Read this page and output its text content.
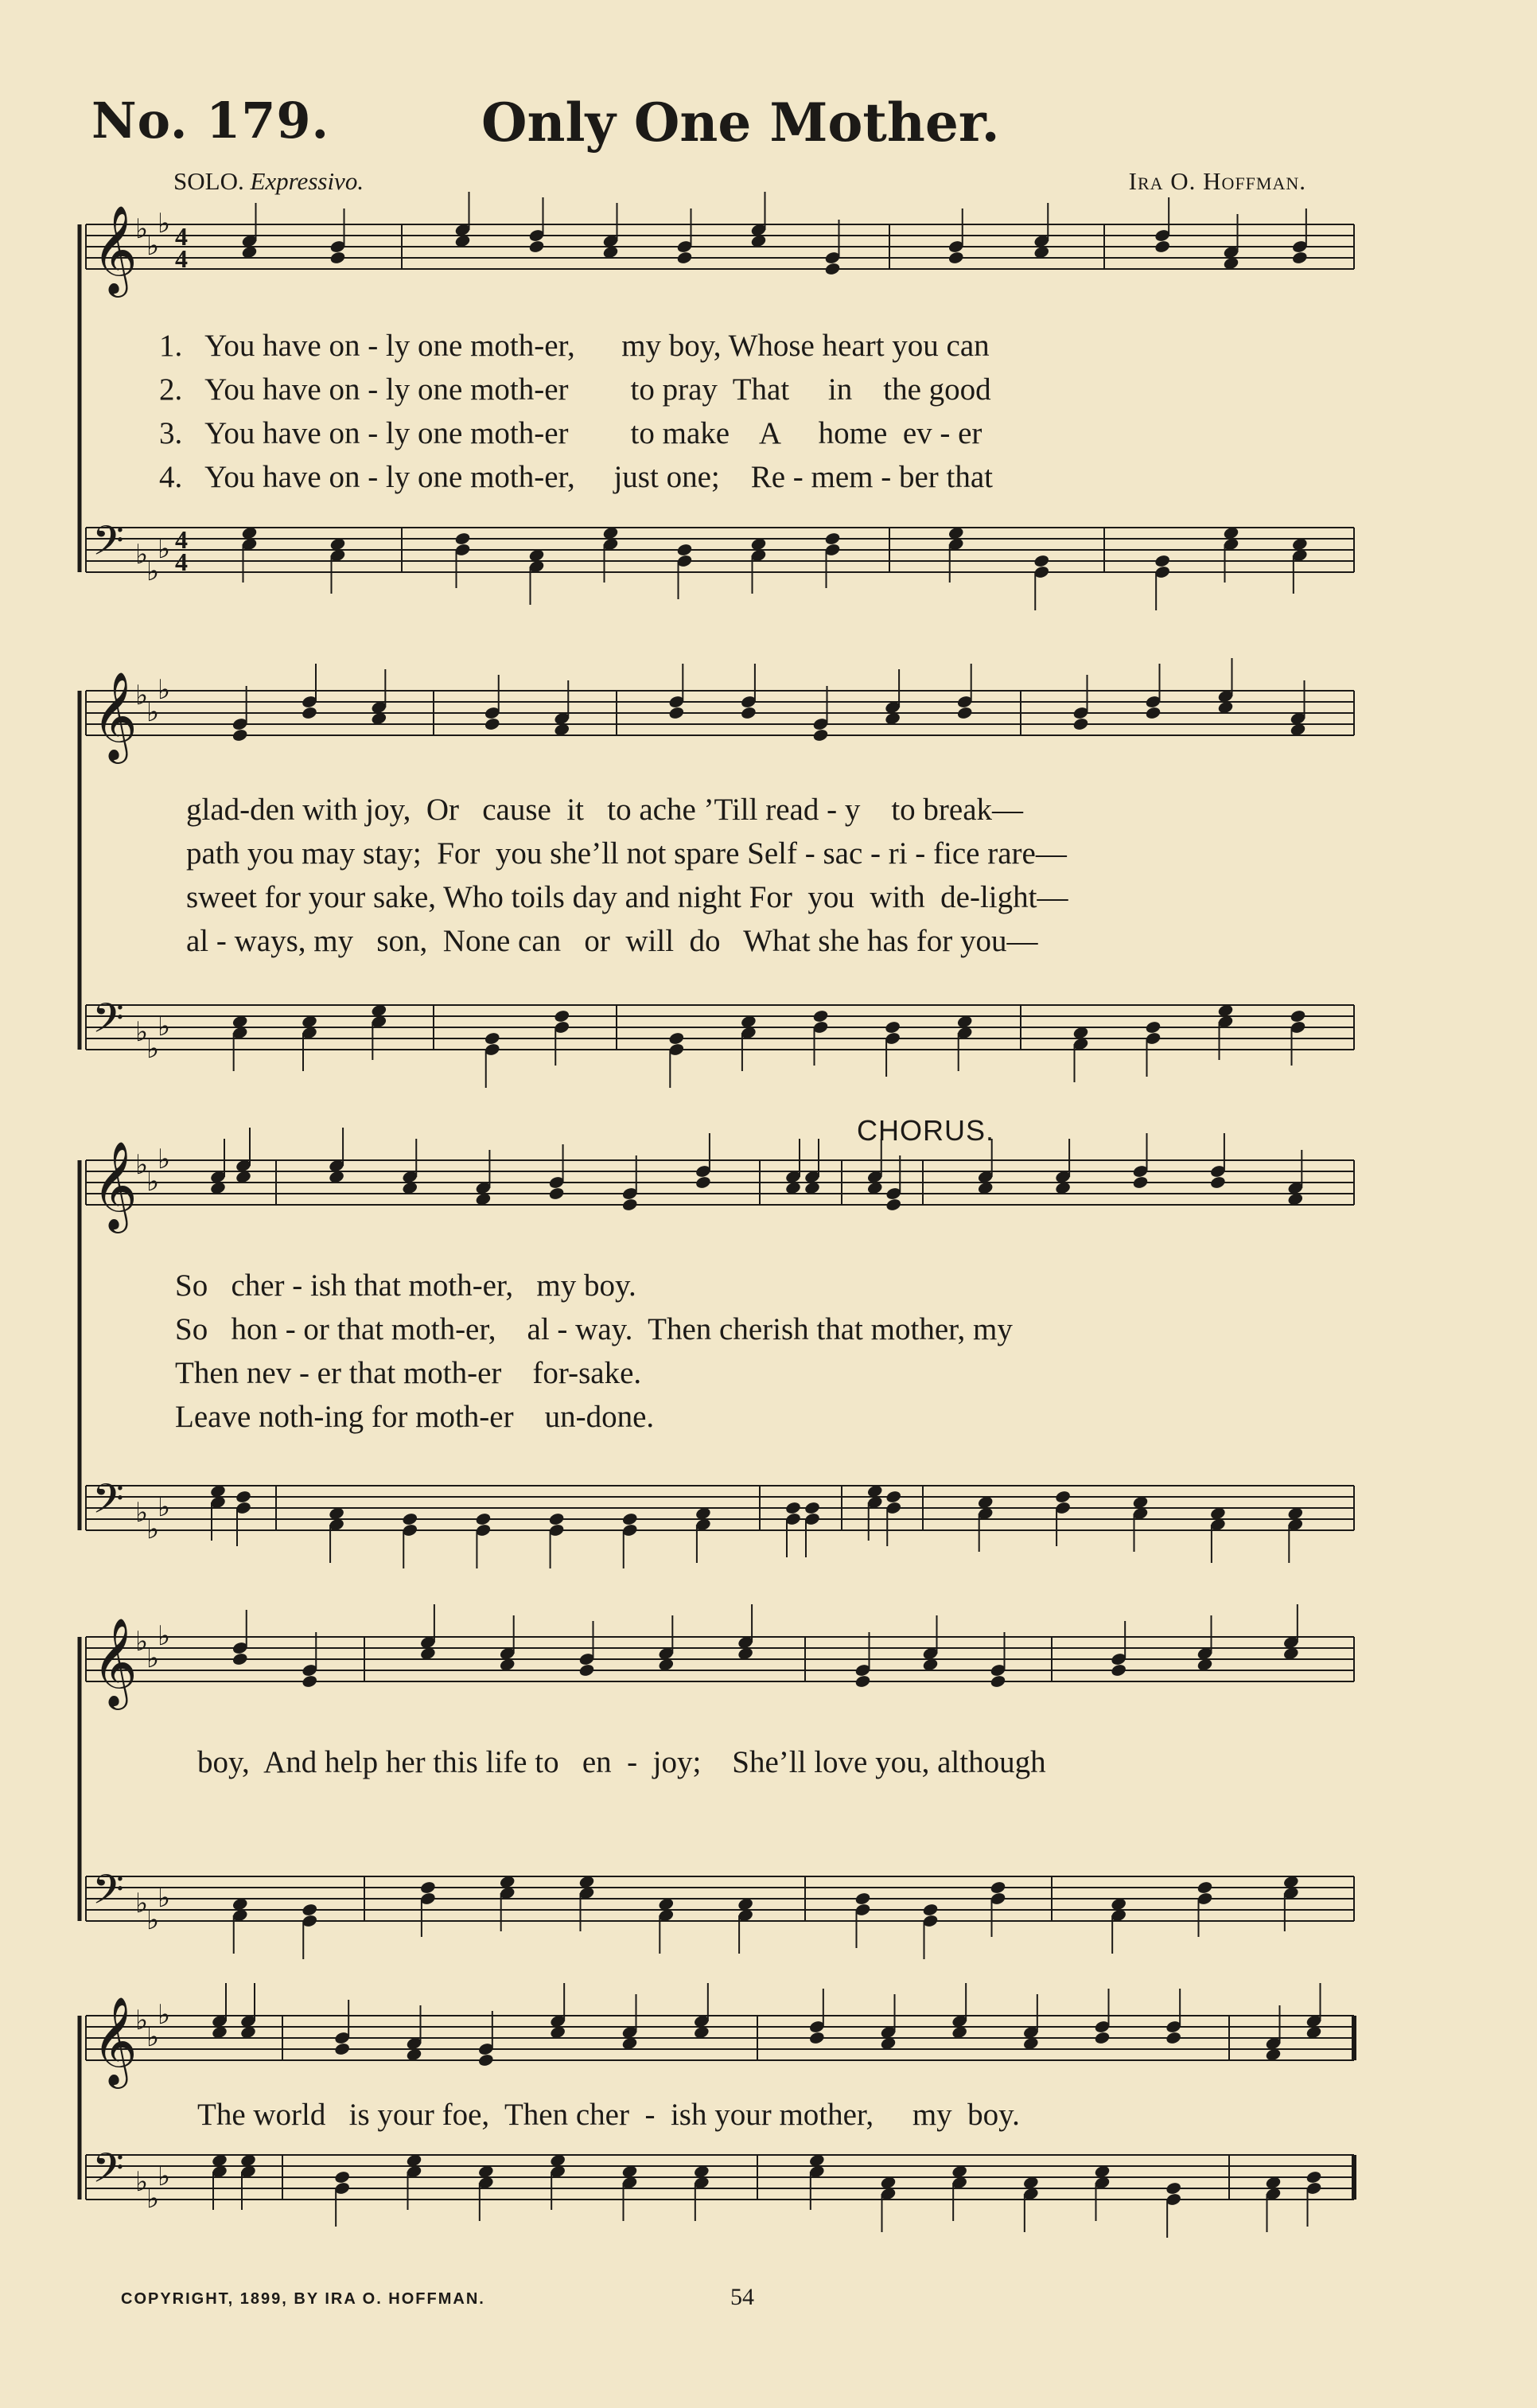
No. 179.	Only One Mother.
SOLO. Expressivo.	Ira O. Hoffman.
𝄞
♭
♭
♭
𝄢 ♭
♭
♭
𝄞
♭
♭
♭
𝄢 ♭
♭
♭
𝄞
♭
♭
♭
𝄢 ♭
♭
♭
𝄞
♭
♭
♭
𝄢 ♭
♭
♭
𝄞
♭
♭
♭
𝄢 ♭
♭
♭
4
4
4
4
1. You have on - ly one moth-er,      my boy, Whose heart you can
2. You have on - ly one moth-er        to pray  That     in    the good
3. You have on - ly one moth-er        to make    A     home  ev - er
4. You have on - ly one moth-er,     just one;    Re - mem - ber that
glad-den with joy,  Or   cause  it   to ache ’Till read - y    to break—
path you may stay;  For  you she’ll not spare Self - sac - ri - fice rare—
sweet for your sake, Who toils day and night For  you  with  de-light—
al - ways, my   son,  None can   or  will  do   What she has for you—
CHORUS.
So   cher - ish that moth-er,   my boy.
So   hon - or that moth-er,    al - way.  Then cherish that mother, my
Then nev - er that moth-er    for-sake.
Leave noth-ing for moth-er    un-done.
boy,  And help her this life to   en  -  joy;    She’ll love you, although
The world   is your foe,  Then cher  -  ish your mother,     my  boy.
COPYRIGHT, 1899, BY IRA O. HOFFMAN.	54
